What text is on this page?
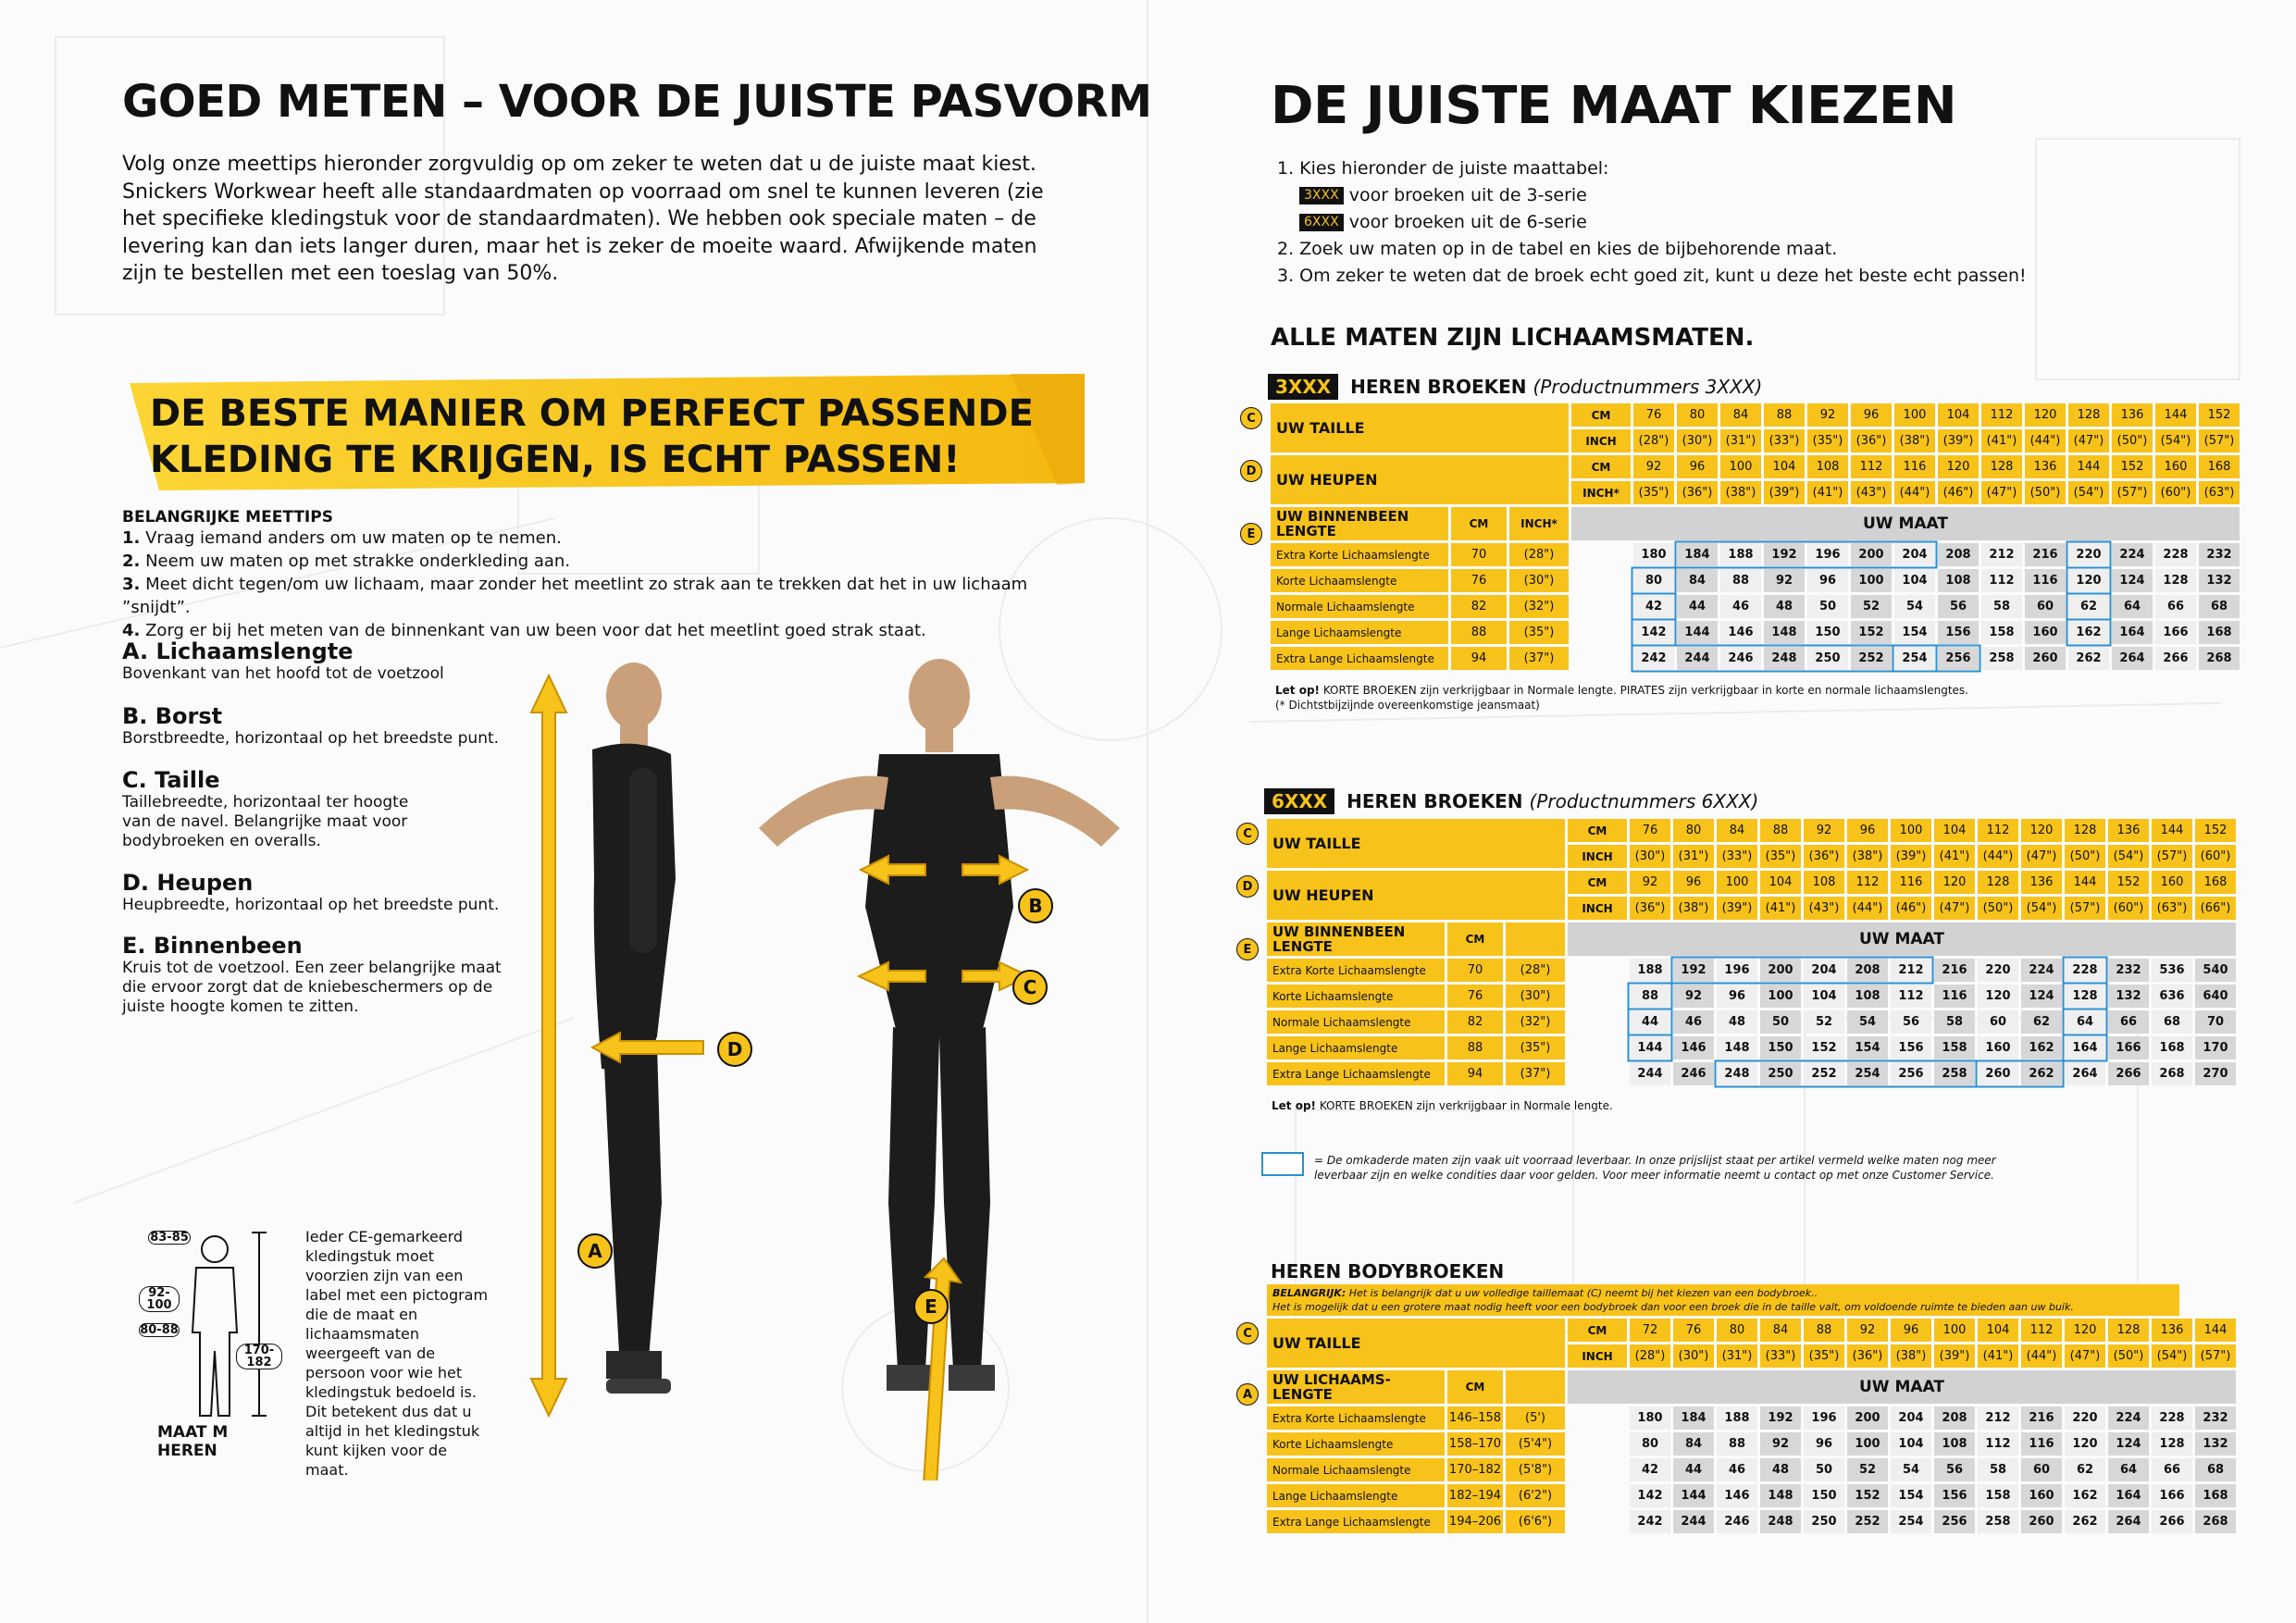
GOED METEN – VOOR DE JUISTE PASVORM
Volg onze meettips hieronder zorgvuldig op om zeker te weten dat u de juiste maat kiest. Snickers Workwear heeft alle standaardmaten op voorraad om snel te kunnen leveren (zie het specifieke kledingstuk voor de standaardmaten). We hebben ook speciale maten – de levering kan dan iets langer duren, maar het is zeker de moeite waard. Afwijkende maten zijn te bestellen met een toeslag van 50%.
DE BESTE MANIER OM PERFECT PASSENDE
KLEDING TE KRIJGEN, IS ECHT PASSEN!
BELANGRIJKE MEETTIPS
1. Vraag iemand anders om uw maten op te nemen.
2. Neem uw maten op met strakke onderkleding aan.
3. Meet dicht tegen/om uw lichaam, maar zonder het meetlint zo strak aan te trekken dat het in uw lichaam ”snijdt”.
4. Zorg er bij het meten van de binnenkant van uw been voor dat het meetlint goed strak staat.
A. Lichaamslengte
Bovenkant van het hoofd tot de voetzool
B. Borst
Borstbreedte, horizontaal op het breedste punt.
C. Taille
Taillebreedte, horizontaal ter hoogte van de navel. Belangrijke maat voor bodybroeken en overalls.
D. Heupen
Heupbreedte, horizontaal op het breedste punt.
E. Binnenbeen
Kruis tot de voetzool. Een zeer belangrijke maat die ervoor zorgt dat de kniebeschermers op de juiste hoogte komen te zitten.
A
B
C
D
E
83-85
92-100
80-88
170-182
MAAT M
HEREN
Ieder CE-gemarkeerd kledingstuk moet voorzien zijn van een label met een pictogram die de maat en lichaamsmaten weergeeft van de persoon voor wie het kledingstuk bedoeld is. Dit betekent dus dat u altijd in het kledingstuk kunt kijken voor de maat.
DE JUISTE MAAT KIEZEN
1. Kies hieronder de juiste maattabel:
3XXX voor broeken uit de 3-serie
6XXX voor broeken uit de 6-serie
2. Zoek uw maten op in de tabel en kies de bijbehorende maat.
3. Om zeker te weten dat de broek echt goed zit, kunt u deze het beste echt passen!
ALLE MATEN ZIJN LICHAAMSMATEN.
3XXX HEREN BROEKEN (Productnummers 3XXX)
C
D
E
UW TAILLE			CM	76	80	84	88	92	96	100	104	112	120	128	136	144	152
			INCH	(28")	(30")	(31")	(33")	(35")	(36")	(38")	(39")	(41")	(44")	(47")	(50")	(54")	(57")
UW HEUPEN			CM	92	96	100	104	108	112	116	120	128	136	144	152	160	168
			INCH*	(35")	(36")	(38")	(39")	(41")	(43")	(44")	(46")	(47")	(50")	(54")	(57")	(60")	(63")

UW BINNENBEEN
LENGTE	CM	INCH*	UW MAAT														
Extra Korte Lichaamslengte	70	(28")		180	184	188	192	196	200	204	208	212	216	220	224	228	232
Korte Lichaamslengte	76	(30")		80	84	88	92	96	100	104	108	112	116	120	124	128	132
Normale Lichaamslengte	82	(32")		42	44	46	48	50	52	54	56	58	60	62	64	66	68
Lange Lichaamslengte	88	(35")		142	144	146	148	150	152	154	156	158	160	162	164	166	168
Extra Lange Lichaamslengte	94	(37")		242	244	246	248	250	252	254	256	258	260	262	264	266	268
Let op! KORTE BROEKEN zijn verkrijgbaar in Normale lengte. PIRATES zijn verkrijgbaar in korte en normale lichaamslengtes.
(* Dichtstbijzijnde overeenkomstige jeansmaat)
6XXX HEREN BROEKEN (Productnummers 6XXX)
C
D
E
UW TAILLE			CM	76	80	84	88	92	96	100	104	112	120	128	136	144	152
			INCH	(30")	(31")	(33")	(35")	(36")	(38")	(39")	(41")	(44")	(47")	(50")	(54")	(57")	(60")
UW HEUPEN			CM	92	96	100	104	108	112	116	120	128	136	144	152	160	168
			INCH	(36")	(38")	(39")	(41")	(43")	(44")	(46")	(47")	(50")	(54")	(57")	(60")	(63")	(66")

UW BINNENBEEN
LENGTE	CM		UW MAAT														
Extra Korte Lichaamslengte	70	(28")		188	192	196	200	204	208	212	216	220	224	228	232	536	540
Korte Lichaamslengte	76	(30")		88	92	96	100	104	108	112	116	120	124	128	132	636	640
Normale Lichaamslengte	82	(32")		44	46	48	50	52	54	56	58	60	62	64	66	68	70
Lange Lichaamslengte	88	(35")		144	146	148	150	152	154	156	158	160	162	164	166	168	170
Extra Lange Lichaamslengte	94	(37")		244	246	248	250	252	254	256	258	260	262	264	266	268	270
Let op! KORTE BROEKEN zijn verkrijgbaar in Normale lengte.
= De omkaderde maten zijn vaak uit voorraad leverbaar. In onze prijslijst staat per artikel vermeld welke maten nog meer
leverbaar zijn en welke condities daar voor gelden. Voor meer informatie neemt u contact op met onze Customer Service.
HEREN BODYBROEKEN
BELANGRIJK: Het is belangrijk dat u uw volledige taillemaat (C) neemt bij het kiezen van een bodybroek..
Het is mogelijk dat u een grotere maat nodig heeft voor een bodybroek dan voor een broek die in de taille valt, om voldoende ruimte te bieden aan uw buik.
C
A
UW TAILLE			CM	72	76	80	84	88	92	96	100	104	112	120	128	136	144
			INCH	(28")	(30")	(31")	(33")	(35")	(36")	(38")	(39")	(41")	(44")	(47")	(50")	(54")	(57")

UW LICHAAMS-
LENGTE	CM		UW MAAT														
Extra Korte Lichaamslengte	146–158	(5')		180	184	188	192	196	200	204	208	212	216	220	224	228	232
Korte Lichaamslengte	158–170	(5'4")		80	84	88	92	96	100	104	108	112	116	120	124	128	132
Normale Lichaamslengte	170–182	(5'8")		42	44	46	48	50	52	54	56	58	60	62	64	66	68
Lange Lichaamslengte	182–194	(6'2")		142	144	146	148	150	152	154	156	158	160	162	164	166	168
Extra Lange Lichaamslengte	194–206	(6'6")		242	244	246	248	250	252	254	256	258	260	262	264	266	268
